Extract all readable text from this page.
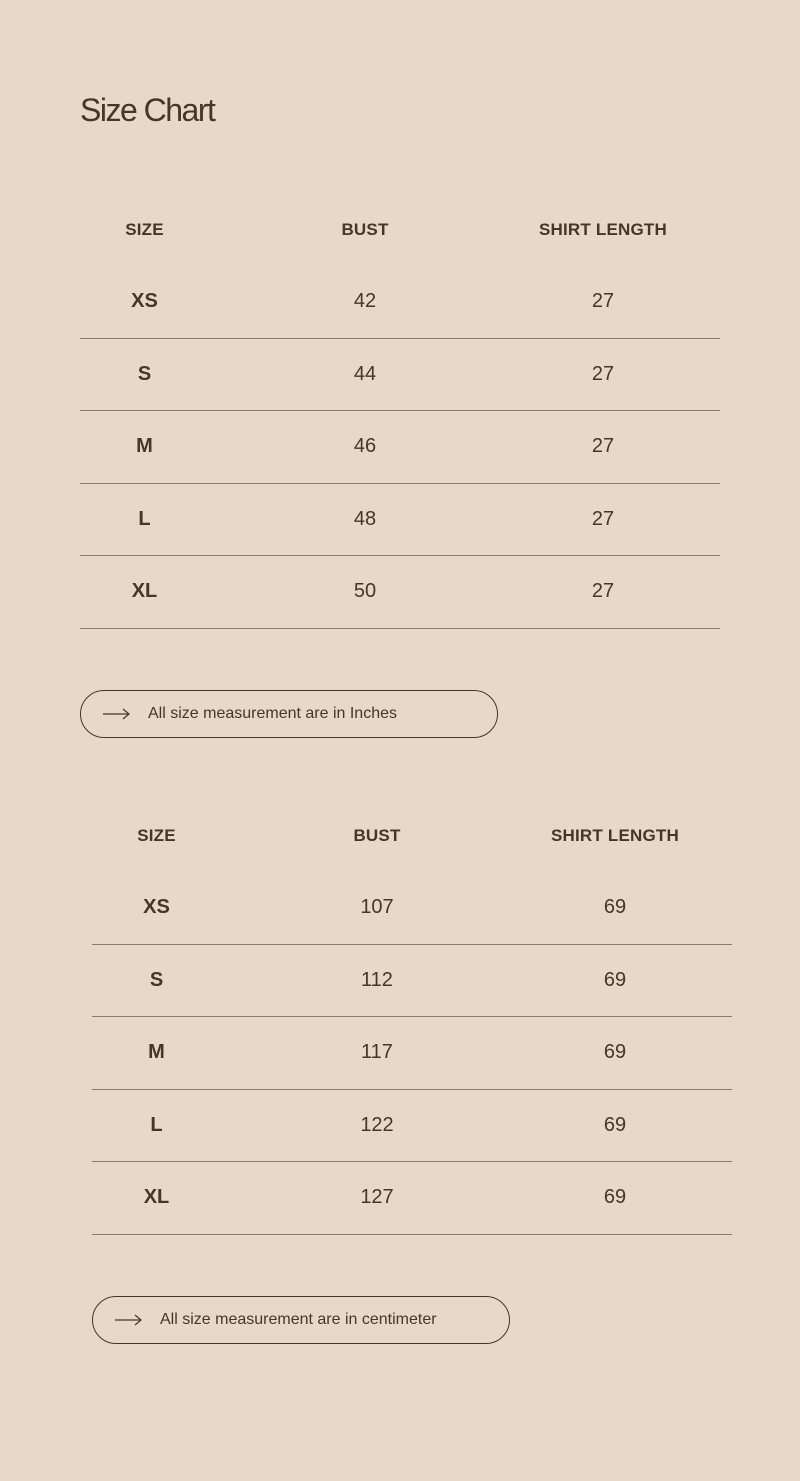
Size Chart
SIZE	BUST	SHIRT LENGTH
XS	42	27
S	44	27
M	46	27
L	48	27
XL	50	27
All size measurement are in Inches
SIZE	BUST	SHIRT LENGTH
XS	107	69
S	112	69
M	117	69
L	122	69
XL	127	69
All size measurement are in centimeter
